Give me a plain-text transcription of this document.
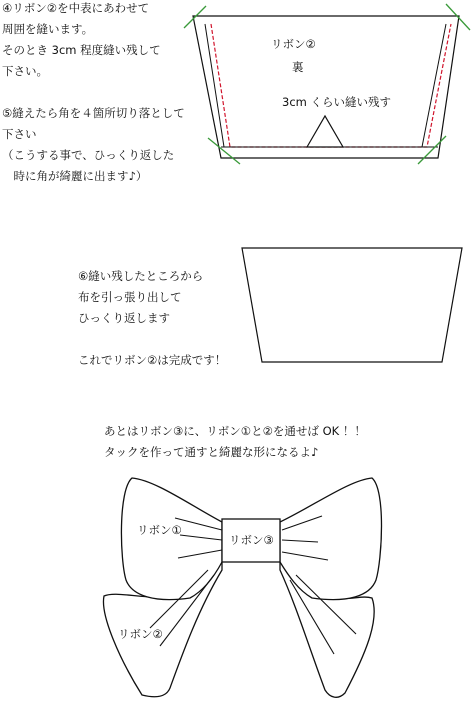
④リボン②を中表にあわせて
周囲を縫います。
そのとき 3cm 程度縫い残して
下さい。
⑤縫えたら角を４箇所切り落として
下さい
（こうする事で、ひっくり返した
　時に角が綺麗に出ます♪）
リボン②
裏
3cm くらい縫い残す
⑥縫い残したところから
布を引っ張り出して
ひっくり返します
これでリボン②は完成です！
あとはリボン③に、リボン①と②を通せば OK ！！
タックを作って通すと綺麗な形になるよ♪
リボン①
リボン③
リボン②
